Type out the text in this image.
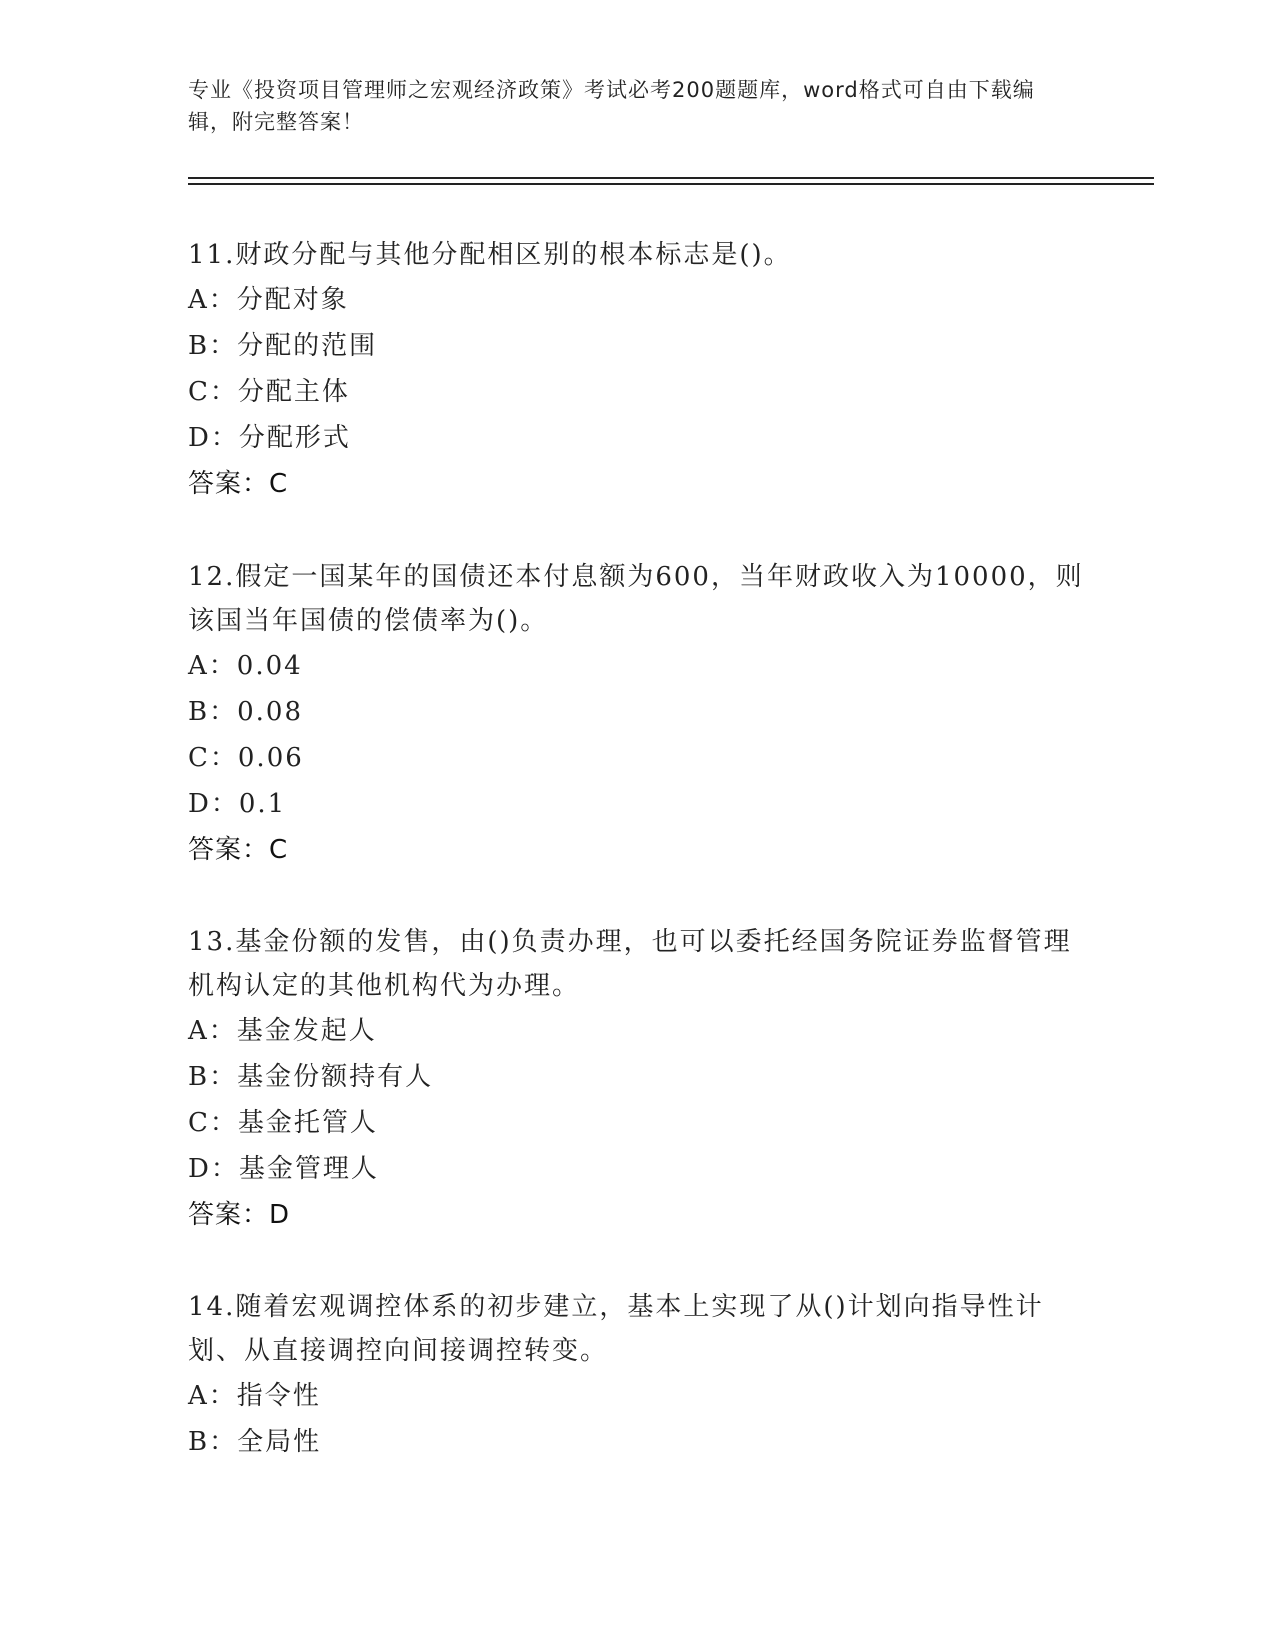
专业《投资项目管理师之宏观经济政策》考试必考200题题库，word格式可自由下载编辑，附完整答案！

11.财政分配与其他分配相区别的根本标志是()。

A：分配对象

B：分配的范围

C：分配主体

D：分配形式

答案：C

12.假定一国某年的国债还本付息额为600，当年财政收入为10000，则该国当年国债的偿债率为()。

A：0.04

B：0.08

C：0.06

D：0.1

答案：C

13.基金份额的发售，由()负责办理，也可以委托经国务院证券监督管理机构认定的其他机构代为办理。

A：基金发起人

B：基金份额持有人

C：基金托管人

D：基金管理人

答案：D

14.随着宏观调控体系的初步建立，基本上实现了从()计划向指导性计划、从直接调控向间接调控转变。

A：指令性

B：全局性
